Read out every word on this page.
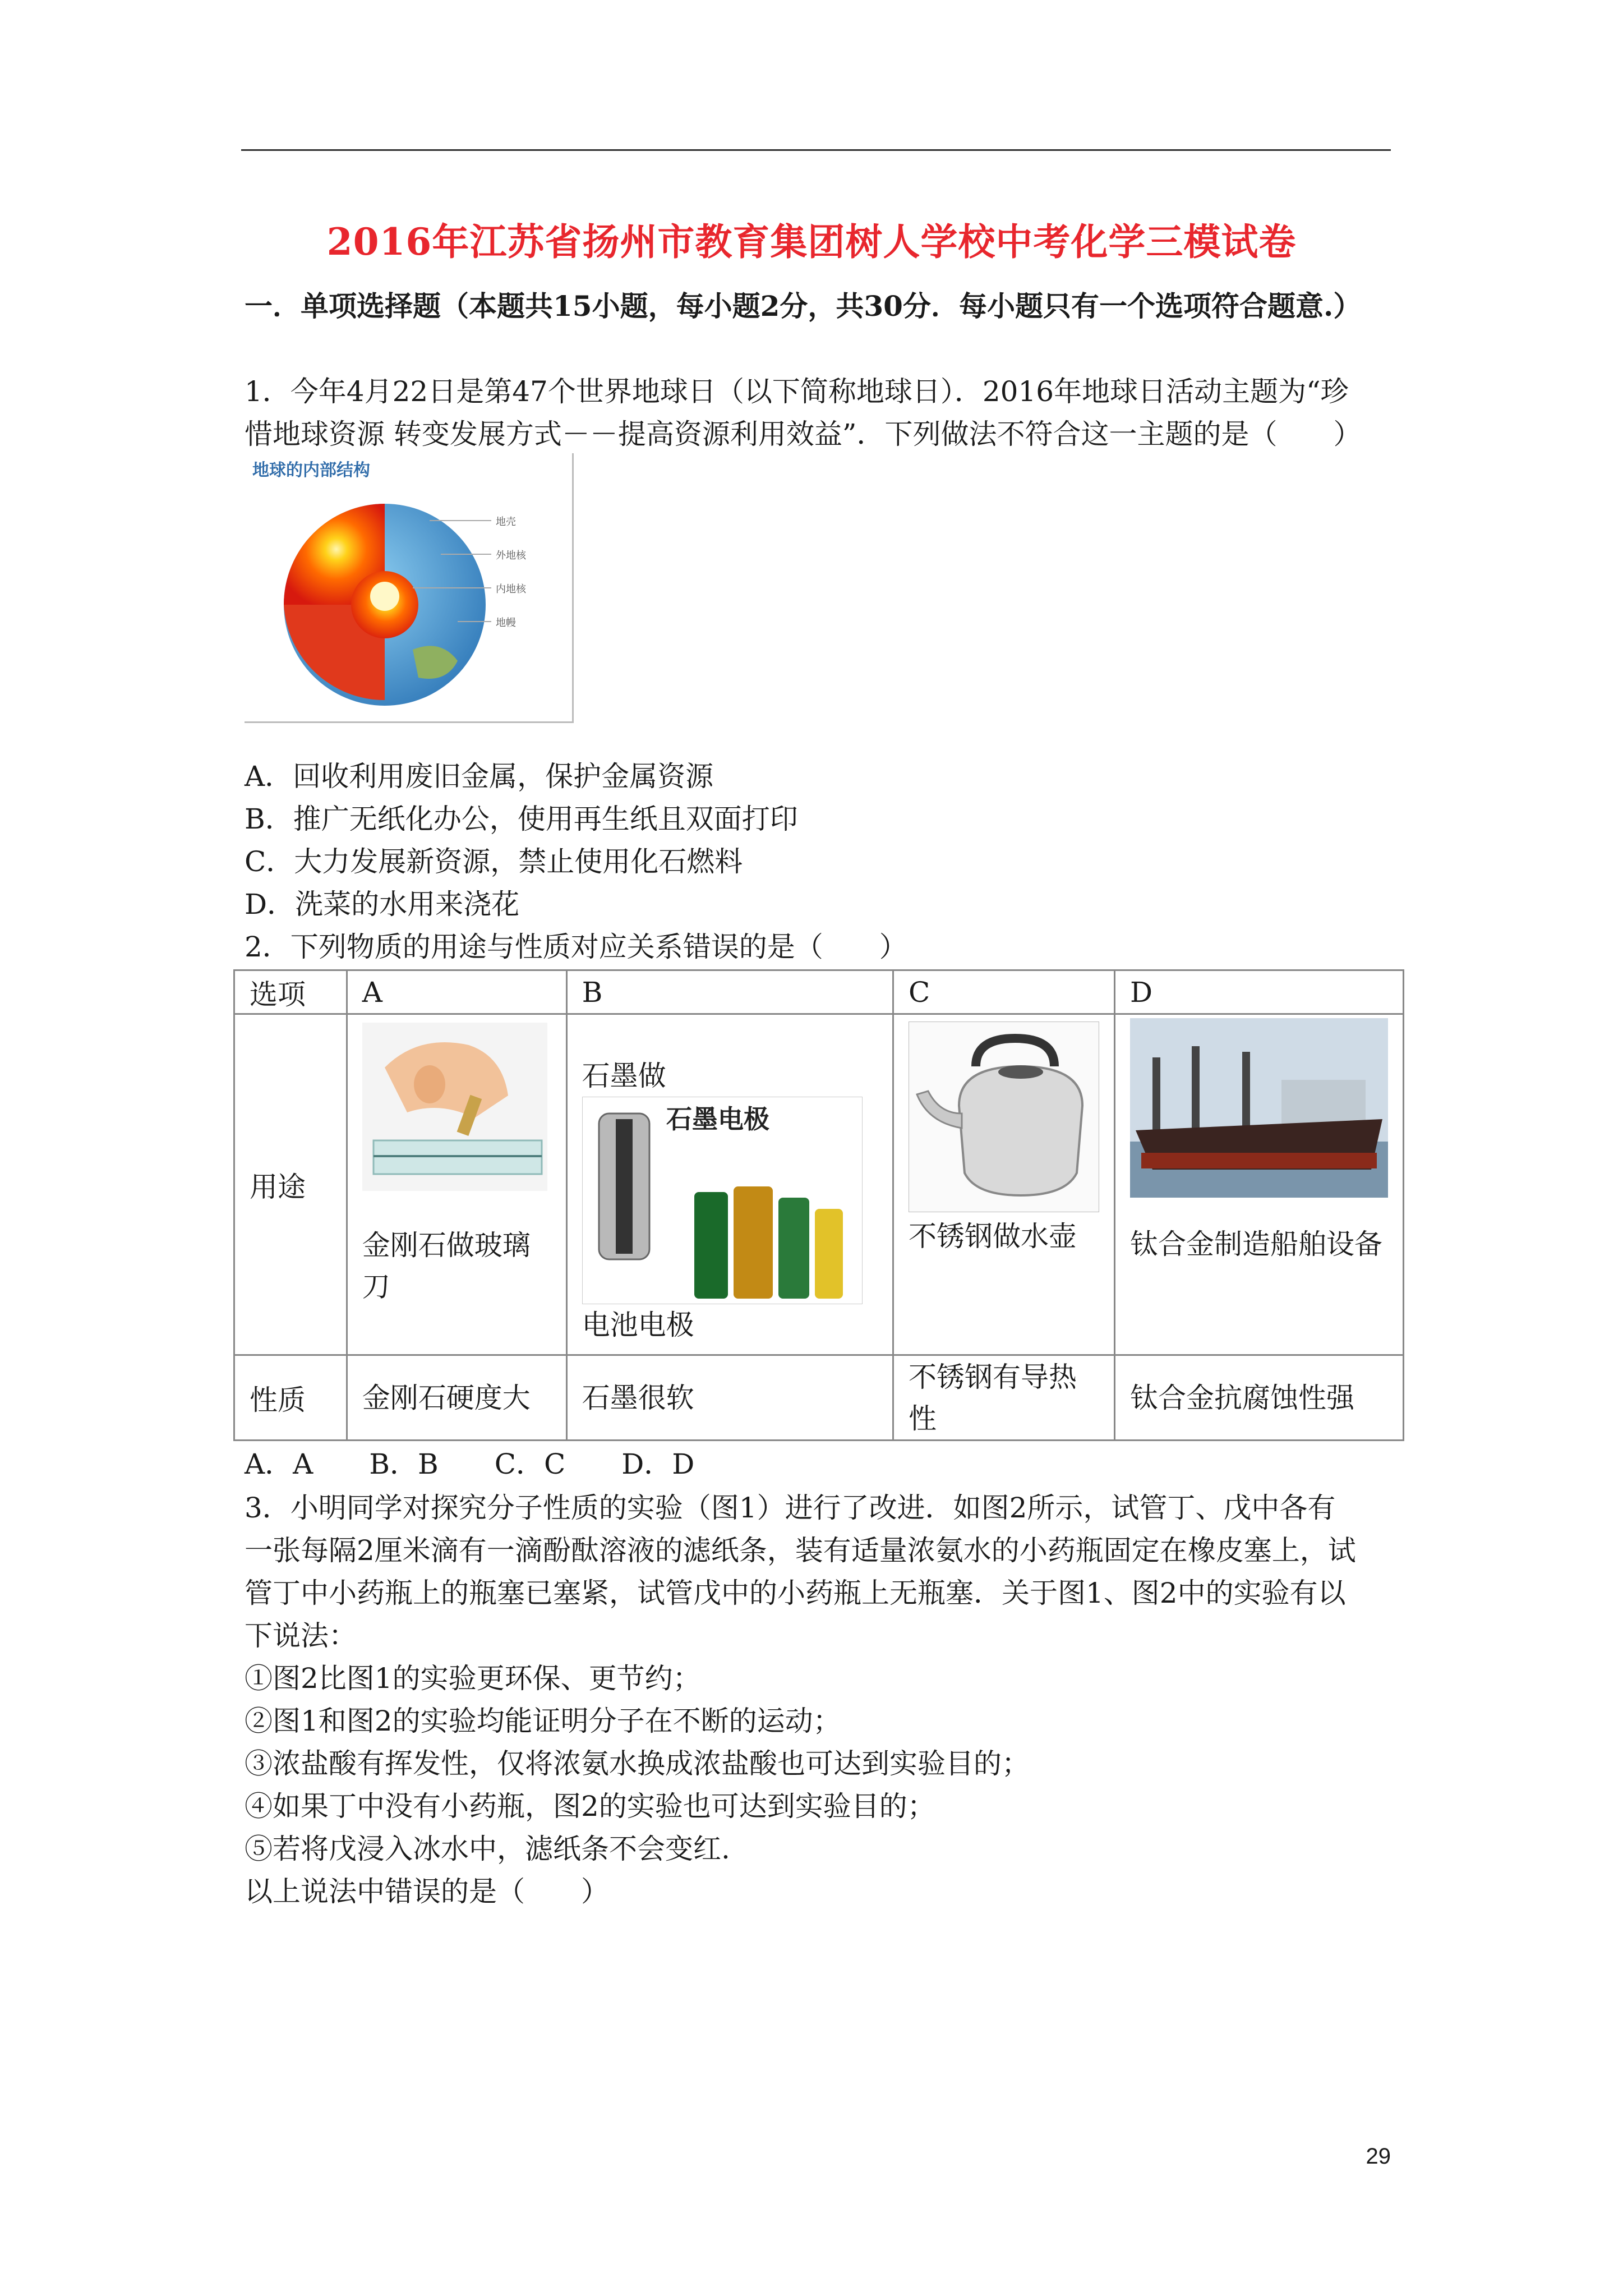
2016年江苏省扬州市教育集团树人学校中考化学三模试卷
一．单项选择题（本题共15小题，每小题2分，共30分．每小题只有一个选项符合题意.）
1．今年4月22日是第47个世界地球日（以下简称地球日）．2016年地球日活动主题为“珍
惜地球资源 转变发展方式－－提高资源利用效益”．下列做法不符合这一主题的是（　　）
地球的内部结构
地壳
外地核
内地核
地幔
A．回收利用废旧金属，保护金属资源
B．推广无纸化办公，使用再生纸且双面打印
C．大力发展新资源，禁止使用化石燃料
D．洗菜的水用来浇花
2．下列物质的用途与性质对应关系错误的是（　　）
选项	A	B	C	D
用途	金刚石做玻璃刀	石墨做
石墨电极
电池电极	不锈钢做水壶	钛合金制造船舶设备

性质	金刚石硬度大	石墨很软	不锈钢有导热性	钛合金抗腐蚀性强
A．A　　B．B　　C．C　　D．D
3．小明同学对探究分子性质的实验（图1）进行了改进．如图2所示，试管丁、戊中各有
一张每隔2厘米滴有一滴酚酞溶液的滤纸条，装有适量浓氨水的小药瓶固定在橡皮塞上，试
管丁中小药瓶上的瓶塞已塞紧，试管戊中的小药瓶上无瓶塞．关于图1、图2中的实验有以
下说法：
①图2比图1的实验更环保、更节约；
②图1和图2的实验均能证明分子在不断的运动；
③浓盐酸有挥发性，仅将浓氨水换成浓盐酸也可达到实验目的；
④如果丁中没有小药瓶，图2的实验也可达到实验目的；
⑤若将戊浸入冰水中，滤纸条不会变红.
以上说法中错误的是（　　）
29
